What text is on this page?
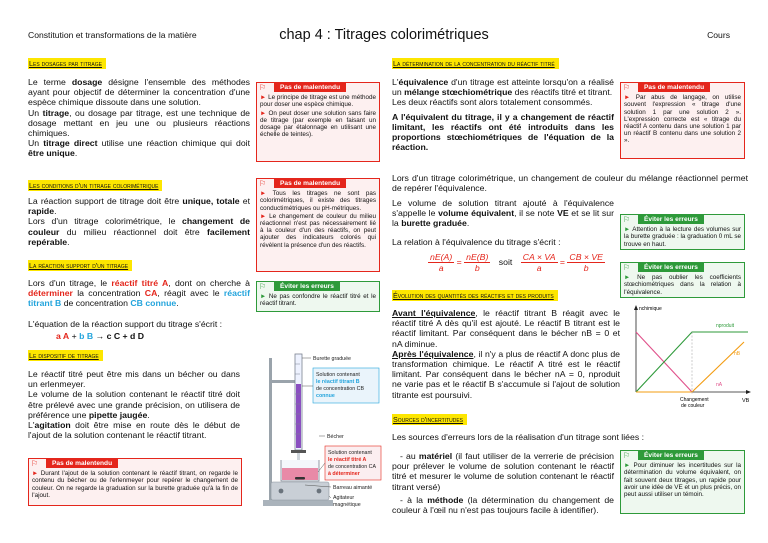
Constitution et transformations de la matière	chap 4 : Titrages colorimétriques	Cours
Les dosages par titrage

Le terme dosage désigne l'ensemble des méthodes ayant pour objectif de déterminer la concentration d'une espèce chimique dissoute dans une solution.

Un titrage, ou dosage par titrage, est une technique de dosage mettant en jeu une ou plusieurs réactions chimiques.

Un titrage direct utilise une réaction chimique qui doit être unique.

⚐ Pas de malentendu

► Le principe de titrage est une méthode pour doser une espèce chimique.

► On peut doser une solution sans faire de titrage (par exemple en faisant un dosage par étalonnage en utilisant une échelle de teintes).

Les conditions d'un titrage colorimétrique

La réaction support de titrage doit être unique, totale et rapide.

Lors d'un titrage colorimétrique, le changement de couleur du milieu réactionnel doit être facilement repérable.

⚐ Pas de malentendu

► Tous les titrages ne sont pas colorimétriques, il existe des titrages conductimétriques ou pH-métriques.

► Le changement de couleur du milieu réactionnel n'est pas nécessairement lié à la couleur d'un des réactifs, on peut ajouter des indicateurs colorés qui révèlent la présence d'un des réactifs.

La réaction support d'un titrage

Lors d'un titrage, le réactif titré A, dont on cherche à déterminer la concentration CA, réagit avec le réactif titrant B de concentration CB connue.

L'équation de la réaction support du titrage s'écrit :

a A + b B → c C + d D
⚐ Éviter les erreurs

► Ne pas confondre le réactif titré et le réactif titrant.

Le dispositif de titrage

Le réactif titré peut être mis dans un bécher ou dans un erlenmeyer.

Le volume de la solution contenant le réactif titré doit être prélevé avec une grande précision, on utilisera de préférence une pipette jaugée.

L'agitation doit être mise en route dès le début de l'ajout de la solution contenant le réactif titrant.

⚐ Pas de malentendu

► Durant l'ajout de la solution contenant le réactif titrant, on regarde le contenu du bécher ou de l'erlenmeyer pour repérer le changement de couleur. On ne regarde la graduation sur la burette graduée qu'à la fin de l'ajout.

Burette graduée
Solution contenant
le réactif titrant B
de concentration CB
connue
Bécher
Solution contenant
le réactif titré A
de concentration CA
à déterminer
Barreau aimanté
Agitateur
magnétique
La détermination de la concentration du réactif titré

L'équivalence d'un titrage est atteinte lorsqu'on a réalisé un mélange stœchiométrique des réactifs titré et titrant.

Les deux réactifs sont alors totalement consommés.

A l'équivalent du titrage, il y a changement de réactif limitant, les réactifs ont été introduits dans les proportions stœchiométriques de l'équation de la réaction.

⚐ Pas de malentendu

► Par abus de langage, on utilise souvent l'expression « titrage d'une solution 1 par une solution 2 ». L'expression correcte est « titrage du réactif A contenu dans une solution 1 par un réactif B contenu dans une solution 2 ».

Lors d'un titrage colorimétrique, un changement de couleur du mélange réactionnel permet de repérer l'équivalence.

Le volume de solution titrant ajouté à l'équivalence s'appelle le volume équivalent, il se note VE et se lit sur la burette graduée.

La relation à l'équivalence du titrage s'écrit :

⚐ Éviter les erreurs

► Attention à la lecture des volumes sur la burette graduée : la graduation 0 mL se trouve en haut.

⚐ Éviter les erreurs

► Ne pas oublier les coefficients stœchiométriques dans la relation à l'équivalence.

$\frac{nE(A)}{a} = \frac{nE(B)}{b}$ soit $\frac{CA \times VA}{a} = \frac{CB \times VE}{b}$
Évolution des quantités des réactifs et des produits

Avant l'équivalence, le réactif titrant B réagit avec le réactif titré A dès qu'il est ajouté. Le réactif B titrant est le réactif limitant. Par conséquent dans le bécher nB = 0 et nA diminue.

Après l'équivalence, il n'y a plus de réactif A donc plus de transformation chimique. Le réactif A titré est le réactif limitant. Par conséquent dans le bécher nA = 0, nproduit ne varie pas et le réactif B s'accumule si l'ajout de solution titrante est poursuivi.

nchimique
VB
nproduit
nB
nA
Changement
de couleur
Sources d'incertitudes
Les sources d'erreurs lors de la réalisation d'un titrage sont liées :

- au matériel (il faut utiliser de la verrerie de précision pour prélever le volume de solution contenant le réactif titré et mesurer le volume de solution contenant le réactif titrant versé)

- à la méthode (la détermination du changement de couleur à l'œil nu n'est pas toujours facile à identifier).

⚐ Éviter les erreurs

► Pour diminuer les incertitudes sur la détermination du volume équivalent, on fait souvent deux titrages, un rapide pour avoir une idée de VE et un plus précis, on peut aussi utiliser un témoin.
